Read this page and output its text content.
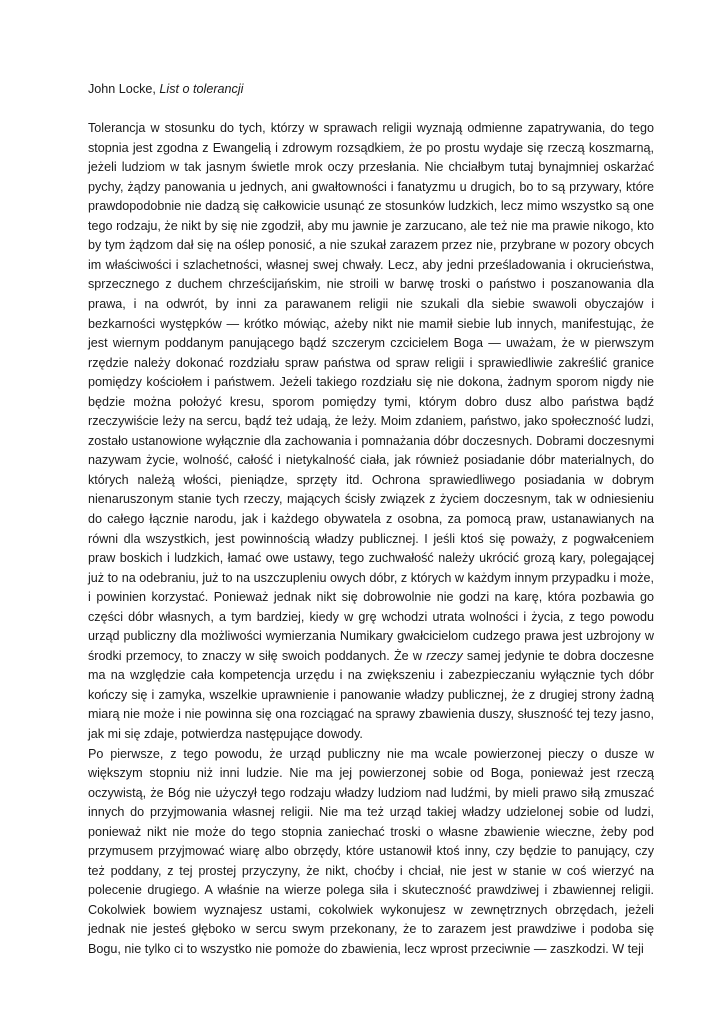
John Locke, List o tolerancji

Tolerancja w stosunku do tych, którzy w sprawach religii wyznają odmienne zapatrywania, do tego stopnia jest zgodna z Ewangelią i zdrowym rozsądkiem, że po prostu wydaje się rzeczą koszmarną, jeżeli ludziom w tak jasnym świetle mrok oczy przesłania. Nie chciałbym tutaj bynajmniej oskarżać pychy, żądzy panowania u jednych, ani gwałtowności i fanatyzmu u drugich, bo to są przywary, które prawdopodobnie nie dadzą się całkowicie usunąć ze stosunków ludzkich, lecz mimo wszystko są one tego rodzaju, że nikt by się nie zgodził, aby mu jawnie je zarzucano, ale też nie ma prawie nikogo, kto by tym żądzom dał się na oślep ponosić, a nie szukał zarazem przez nie, przybrane w pozory obcych im właściwości i szlachetności, własnej swej chwały. Lecz, aby jedni prześladowania i okrucieństwa, sprzecznego z duchem chrześcijańskim, nie stroili w barwę troski o państwo i poszanowania dla prawa, i na odwrót, by inni za parawanem religii nie szukali dla siebie swawoli obyczajów i bezkarności występków — krótko mówiąc, ażeby nikt nie mamił siebie lub innych, manifestując, że jest wiernym poddanym panującego bądź szczerym czcicielem Boga — uważam, że w pierwszym rzędzie należy dokonać rozdziału spraw państwa od spraw religii i sprawiedliwie zakreślić granice pomiędzy kościołem i państwem. Jeżeli takiego rozdziału się nie dokona, żadnym sporom nigdy nie będzie można położyć kresu, sporom pomiędzy tymi, którym dobro dusz albo państwa bądź rzeczywiście leży na sercu, bądź też udają, że leży. Moim zdaniem, państwo, jako społeczność ludzi, zostało ustanowione wyłącznie dla zachowania i pomnażania dóbr doczesnych. Dobrami doczesnymi nazywam życie, wolność, całość i nietykalność ciała, jak również posiadanie dóbr materialnych, do których należą włości, pieniądze, sprzęty itd. Ochrona sprawiedliwego posiadania w dobrym nienaruszonym stanie tych rzeczy, mających ścisły związek z życiem doczesnym, tak w odniesieniu do całego łącznie narodu, jak i każdego obywatela z osobna, za pomocą praw, ustanawianych na równi dla wszystkich, jest powinnością władzy publicznej. I jeśli ktoś się poważy, z pogwałceniem praw boskich i ludzkich, łamać owe ustawy, tego zuchwałość należy ukrócić grozą kary, polegającej już to na odebraniu, już to na uszczupleniu owych dóbr, z których w każdym innym przypadku i może, i powinien korzystać. Ponieważ jednak nikt się dobrowolnie nie godzi na karę, która pozbawia go części dóbr własnych, a tym bardziej, kiedy w grę wchodzi utrata wolności i życia, z tego powodu urząd publiczny dla możliwości wymierzania Numikary gwałcicielom cudzego prawa jest uzbrojony w środki przemocy, to znaczy w siłę swoich poddanych. Że w rzeczy samej jedynie te dobra doczesne ma na względzie cała kompetencja urzędu i na zwiększeniu i zabezpieczaniu wyłącznie tych dóbr kończy się i zamyka, wszelkie uprawnienie i panowanie władzy publicznej, że z drugiej strony żadną miarą nie może i nie powinna się ona rozciągać na sprawy zbawienia duszy, słuszność tej tezy jasno, jak mi się zdaje, potwierdza następujące dowody.

Po pierwsze, z tego powodu, że urząd publiczny nie ma wcale powierzonej pieczy o dusze w większym stopniu niż inni ludzie. Nie ma jej powierzonej sobie od Boga, ponieważ jest rzeczą oczywistą, że Bóg nie użyczył tego rodzaju władzy ludziom nad ludźmi, by mieli prawo siłą zmuszać innych do przyjmowania własnej religii. Nie ma też urząd takiej władzy udzielonej sobie od ludzi, ponieważ nikt nie może do tego stopnia zaniechać troski o własne zbawienie wieczne, żeby pod przymusem przyjmować wiarę albo obrzędy, które ustanowił ktoś inny, czy będzie to panujący, czy też poddany, z tej prostej przyczyny, że nikt, choćby i chciał, nie jest w stanie w coś wierzyć na polecenie drugiego. A właśnie na wierze polega siła i skuteczność prawdziwej i zbawiennej religii. Cokolwiek bowiem wyznajesz ustami, cokolwiek wykonujesz w zewnętrznych obrzędach, jeżeli jednak nie jesteś głęboko w sercu swym przekonany, że to zarazem jest prawdziwe i podoba się Bogu, nie tylko ci to wszystko nie pomoże do zbawienia, lecz wprost przeciwnie — zaszkodzi. W teji
